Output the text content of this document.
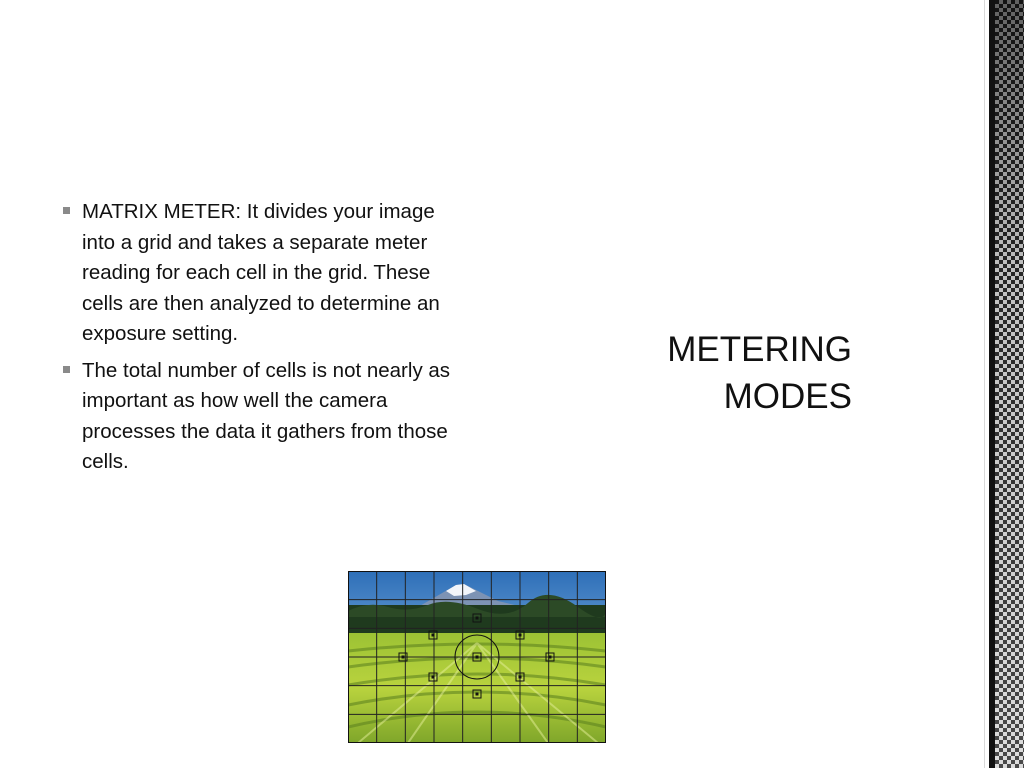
MATRIX METER: It divides your image into a grid and takes a separate meter reading for each cell in the grid. These cells are then analyzed to determine an exposure setting.
The total number of cells is not nearly as important as how well the camera processes the data it gathers from those cells.
METERING
MODES
